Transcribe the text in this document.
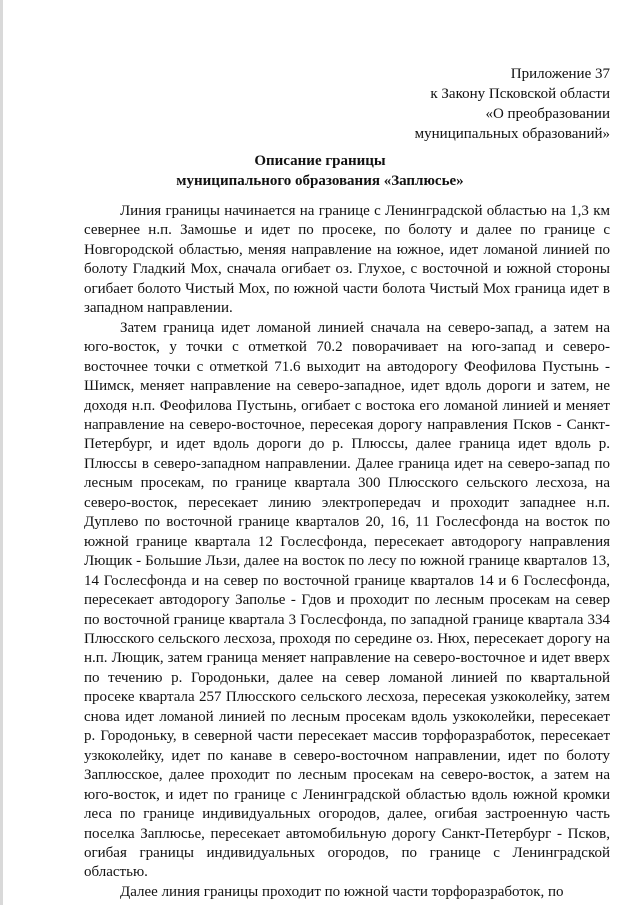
Приложение 37
к Закону Псковской области
«О преобразовании
муниципальных образований»
Описание границы
муниципального образования «Заплюсье»

Линия границы начинается на границе с Ленинградской областью на 1,3 км севернее н.п. Замошье и идет по просеке, по болоту и далее по границе с Новгородской областью, меняя направление на южное, идет ломаной линией по болоту Гладкий Мох, сначала огибает оз. Глухое, с восточной и южной стороны огибает болото Чистый Мох, по южной части болота Чистый Мох граница идет в западном направлении.

Затем граница идет ломаной линией сначала на северо-запад, а затем на юго-восток, у точки с отметкой 70.2 поворачивает на юго-запад и северо-восточнее точки с отметкой 71.6 выходит на автодорогу Феофилова Пустынь - Шимск, меняет направление на северо-западное, идет вдоль дороги и затем, не доходя н.п. Феофилова Пустынь, огибает с востока его ломаной линией и меняет направление на северо-восточное, пересекая дорогу направления Псков - Санкт-Петербург, и идет вдоль дороги до р. Плюссы, далее граница идет вдоль р. Плюссы в северо-западном направлении. Далее граница идет на северо-запад по лесным просекам, по границе квартала 300 Плюсского сельского лесхоза, на северо-восток, пересекает линию электропередач и проходит западнее н.п. Дуплево по восточной границе кварталов 20, 16, 11 Гослесфонда на восток по южной границе квартала 12 Гослесфонда, пересекает автодорогу направления Лющик - Большие Льзи, далее на восток по лесу по южной границе кварталов 13, 14 Гослесфонда и на север по восточной границе кварталов 14 и 6 Гослесфонда, пересекает автодорогу Заполье - Гдов и проходит по лесным просекам на север по восточной границе квартала 3 Гослесфонда, по западной границе квартала 334 Плюсского сельского лесхоза, проходя по середине оз. Нюх, пересекает дорогу на н.п. Лющик, затем граница меняет направление на северо-восточное и идет вверх по течению р. Городоньки, далее на север ломаной линией по квартальной просеке квартала 257 Плюсского сельского лесхоза, пересекая узкоколейку, затем снова идет ломаной линией по лесным просекам вдоль узкоколейки, пересекает р. Городоньку, в северной части пересекает массив торфоразработок, пересекает узкоколейку, идет по канаве в северо-восточном направлении, идет по болоту Заплюсское, далее проходит по лесным просекам на северо-восток, а затем на юго-восток, и идет по границе с Ленинградской областью вдоль южной кромки леса по границе индивидуальных огородов, далее, огибая застроенную часть поселка Заплюсье, пересекает автомобильную дорогу Санкт-Петербург - Псков, огибая границы индивидуальных огородов, по границе с Ленинградской областью.

Далее линия границы проходит по южной части торфоразработок, по
